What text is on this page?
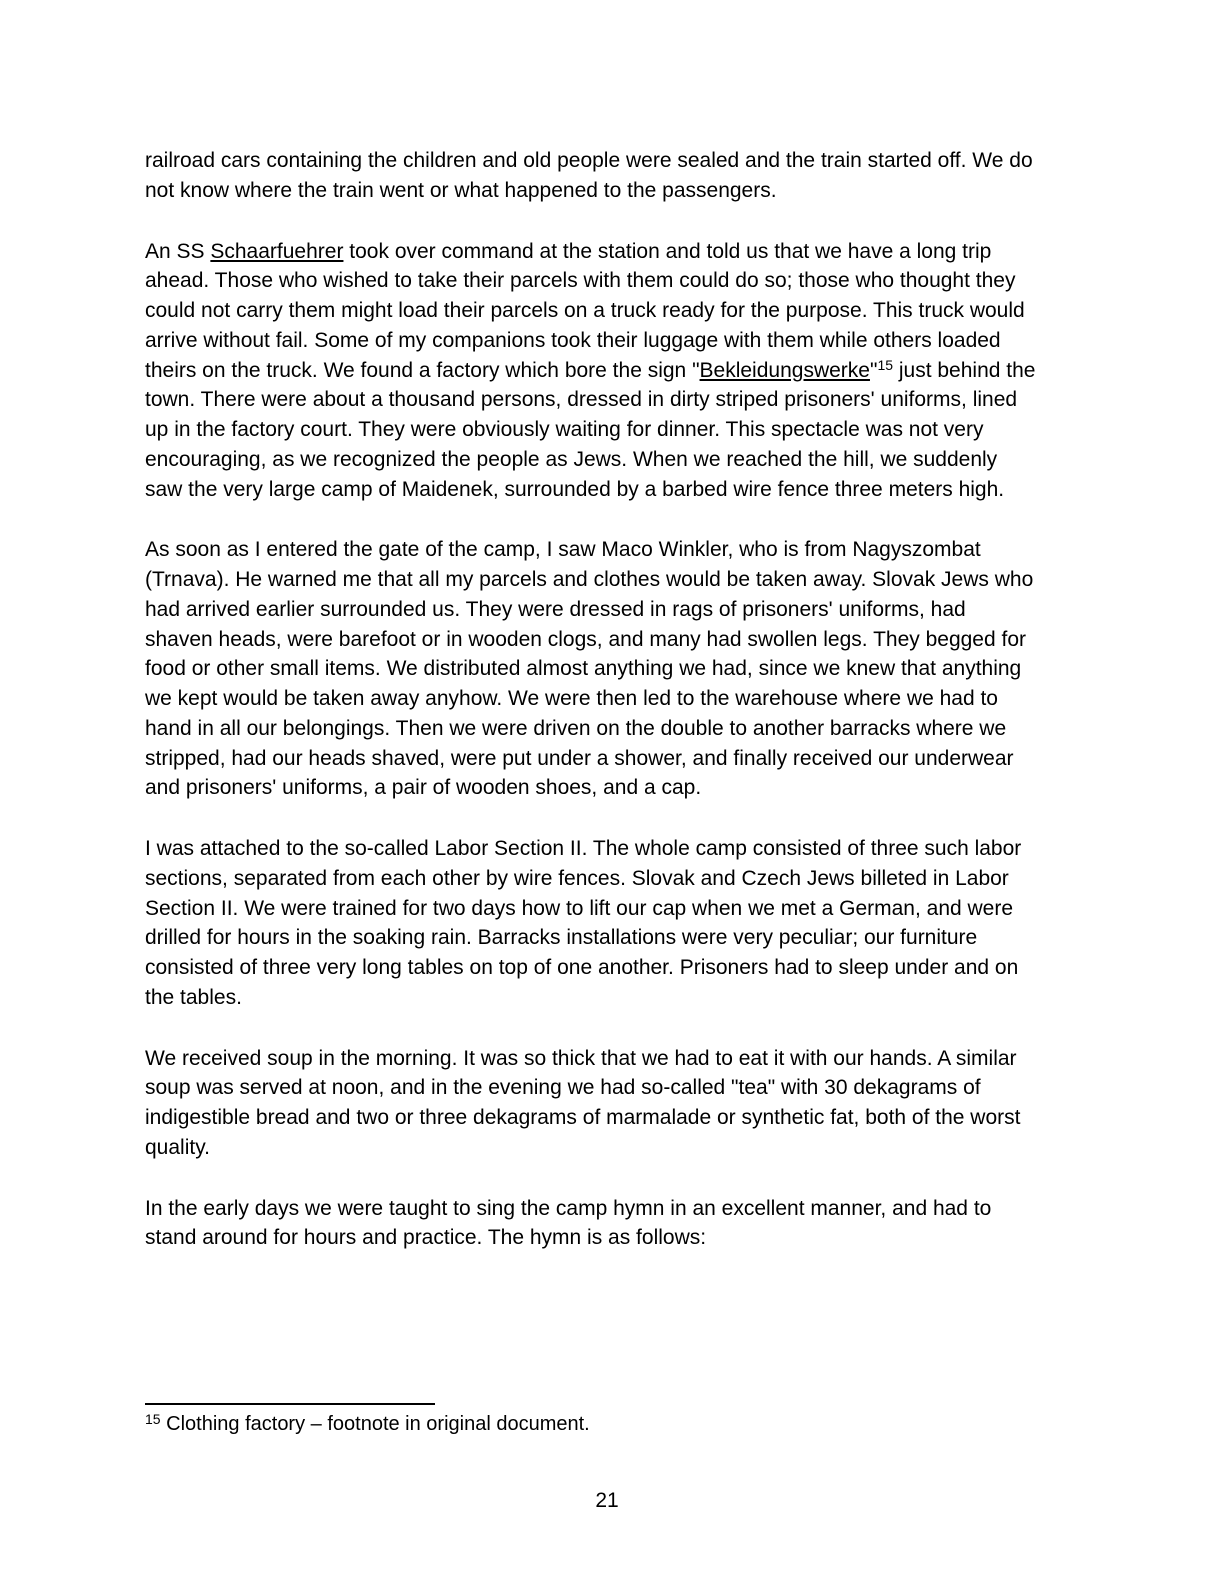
railroad cars containing the children and old people were sealed and the train started off. We do
not know where the train went or what happened to the passengers.

An SS Schaarfuehrer took over command at the station and told us that we have a long trip
ahead. Those who wished to take their parcels with them could do so; those who thought they
could not carry them might load their parcels on a truck ready for the purpose. This truck would
arrive without fail. Some of my companions took their luggage with them while others loaded
theirs on the truck. We found a factory which bore the sign "Bekleidungswerke"$^{15}$ just behind the
town. There were about a thousand persons, dressed in dirty striped prisoners' uniforms, lined
up in the factory court. They were obviously waiting for dinner. This spectacle was not very
encouraging, as we recognized the people as Jews. When we reached the hill, we suddenly
saw the very large camp of Maidenek, surrounded by a barbed wire fence three meters high.

As soon as I entered the gate of the camp, I saw Maco Winkler, who is from Nagyszombat
(Trnava). He warned me that all my parcels and clothes would be taken away. Slovak Jews who
had arrived earlier surrounded us. They were dressed in rags of prisoners' uniforms, had
shaven heads, were barefoot or in wooden clogs, and many had swollen legs. They begged for
food or other small items. We distributed almost anything we had, since we knew that anything
we kept would be taken away anyhow. We were then led to the warehouse where we had to
hand in all our belongings. Then we were driven on the double to another barracks where we
stripped, had our heads shaved, were put under a shower, and finally received our underwear
and prisoners' uniforms, a pair of wooden shoes, and a cap.

I was attached to the so-called Labor Section II. The whole camp consisted of three such labor
sections, separated from each other by wire fences. Slovak and Czech Jews billeted in Labor
Section II. We were trained for two days how to lift our cap when we met a German, and were
drilled for hours in the soaking rain. Barracks installations were very peculiar; our furniture
consisted of three very long tables on top of one another. Prisoners had to sleep under and on
the tables.

We received soup in the morning. It was so thick that we had to eat it with our hands. A similar
soup was served at noon, and in the evening we had so-called "tea" with 30 dekagrams of
indigestible bread and two or three dekagrams of marmalade or synthetic fat, both of the worst
quality.

In the early days we were taught to sing the camp hymn in an excellent manner, and had to
stand around for hours and practice. The hymn is as follows:

$^{15}$ Clothing factory – footnote in original document.
21
